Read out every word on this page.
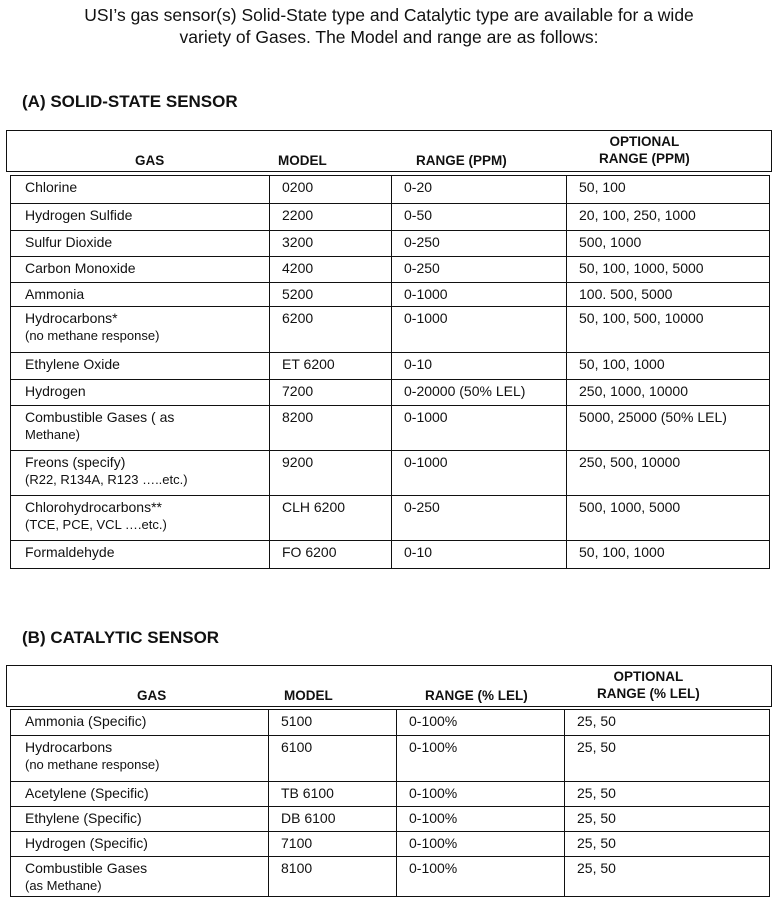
USI’s gas sensor(s) Solid-State type and Catalytic type are available for a wide
variety of Gases. The Model and range are as follows:
(A) SOLID-STATE SENSOR
GAS	MODEL	RANGE (PPM)
OPTIONAL
RANGE (PPM)
Chlorine	0200	0-20	50, 100
Hydrogen Sulfide	2200	0-50	20, 100, 250, 1000
Sulfur Dioxide	3200	0-250	500, 1000
Carbon Monoxide	4200	0-250	50, 100, 1000, 5000
Ammonia	5200	0-1000	100. 500, 5000
Hydrocarbons*
(no methane response)	6200	0-1000	50, 100, 500, 10000
Ethylene Oxide	ET 6200	0-10	50, 100, 1000
Hydrogen	7200	0-20000 (50% LEL)	250, 1000, 10000
Combustible Gases ( as
Methane)	8200	0-1000	5000, 25000 (50% LEL)
Freons (specify)
(R22, R134A, R123 …..etc.)	9200	0-1000	250, 500, 10000
Chlorohydrocarbons**
(TCE, PCE, VCL ….etc.)	CLH 6200	0-250	500, 1000, 5000
Formaldehyde	FO 6200	0-10	50, 100, 1000
(B) CATALYTIC SENSOR
GAS	MODEL	RANGE (% LEL)
OPTIONAL
RANGE (% LEL)
Ammonia (Specific)	5100	0-100%	25, 50
Hydrocarbons
(no methane response)	6100	0-100%	25, 50
Acetylene (Specific)	TB 6100	0-100%	25, 50
Ethylene (Specific)	DB 6100	0-100%	25, 50
Hydrogen (Specific)	7100	0-100%	25, 50
Combustible Gases
(as Methane)	8100	0-100%	25, 50
